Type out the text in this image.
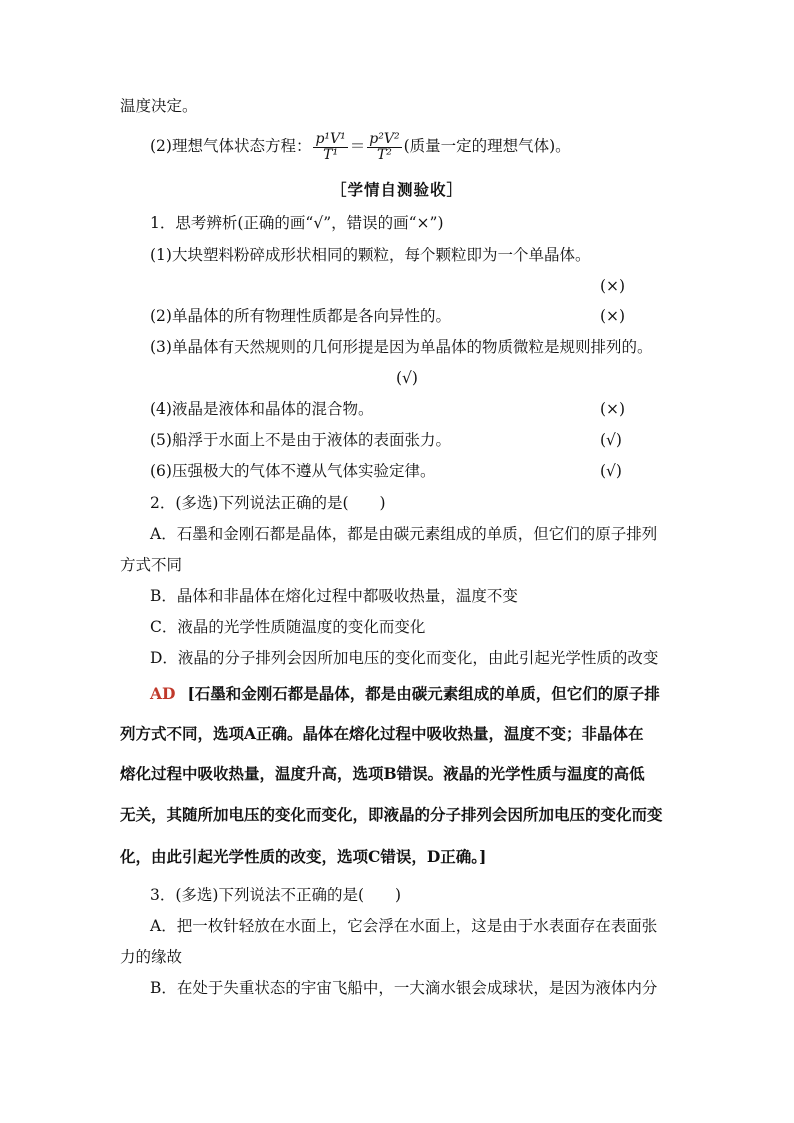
温度决定。
(2)理想气体状态方程： $\frac{\text{p¹V¹}}{\text{T¹}} = \frac{\text{p²V²}}{\text{T²}}$ (质量一定的理想气体)。
［学情自测验收］
1．思考辨析(正确的画“√”，错误的画“×”)
(1)大块塑料粉碎成形状相同的颗粒，每个颗粒即为一个单晶体。
(×)
(2)单晶体的所有物理性质都是各向异性的。	(×)
(3)单晶体有天然规则的几何形提是因为单晶体的物质微粒是规则排列的。
(√)
(4)液晶是液体和晶体的混合物。	(×)
(5)船浮于水面上不是由于液体的表面张力。	(√)
(6)压强极大的气体不遵从气体实验定律。	(√)
2．(多选)下列说法正确的是(　　)
A．石墨和金刚石都是晶体，都是由碳元素组成的单质，但它们的原子排列
方式不同
B．晶体和非晶体在熔化过程中都吸收热量，温度不变
C．液晶的光学性质随温度的变化而变化
D．液晶的分子排列会因所加电压的变化而变化，由此引起光学性质的改变
AD [石墨和金刚石都是晶体，都是由碳元素组成的单质，但它们的原子排
列方式不同，选项A正确。晶体在熔化过程中吸收热量，温度不变；非晶体在
熔化过程中吸收热量，温度升高，选项B错误。液晶的光学性质与温度的高低
无关，其随所加电压的变化而变化，即液晶的分子排列会因所加电压的变化而变
化，由此引起光学性质的改变，选项C错误，D正确。]
3．(多选)下列说法不正确的是(　　)
A．把一枚针轻放在水面上，它会浮在水面上，这是由于水表面存在表面张
力的缘故
B．在处于失重状态的宇宙飞船中，一大滴水银会成球状，是因为液体内分
